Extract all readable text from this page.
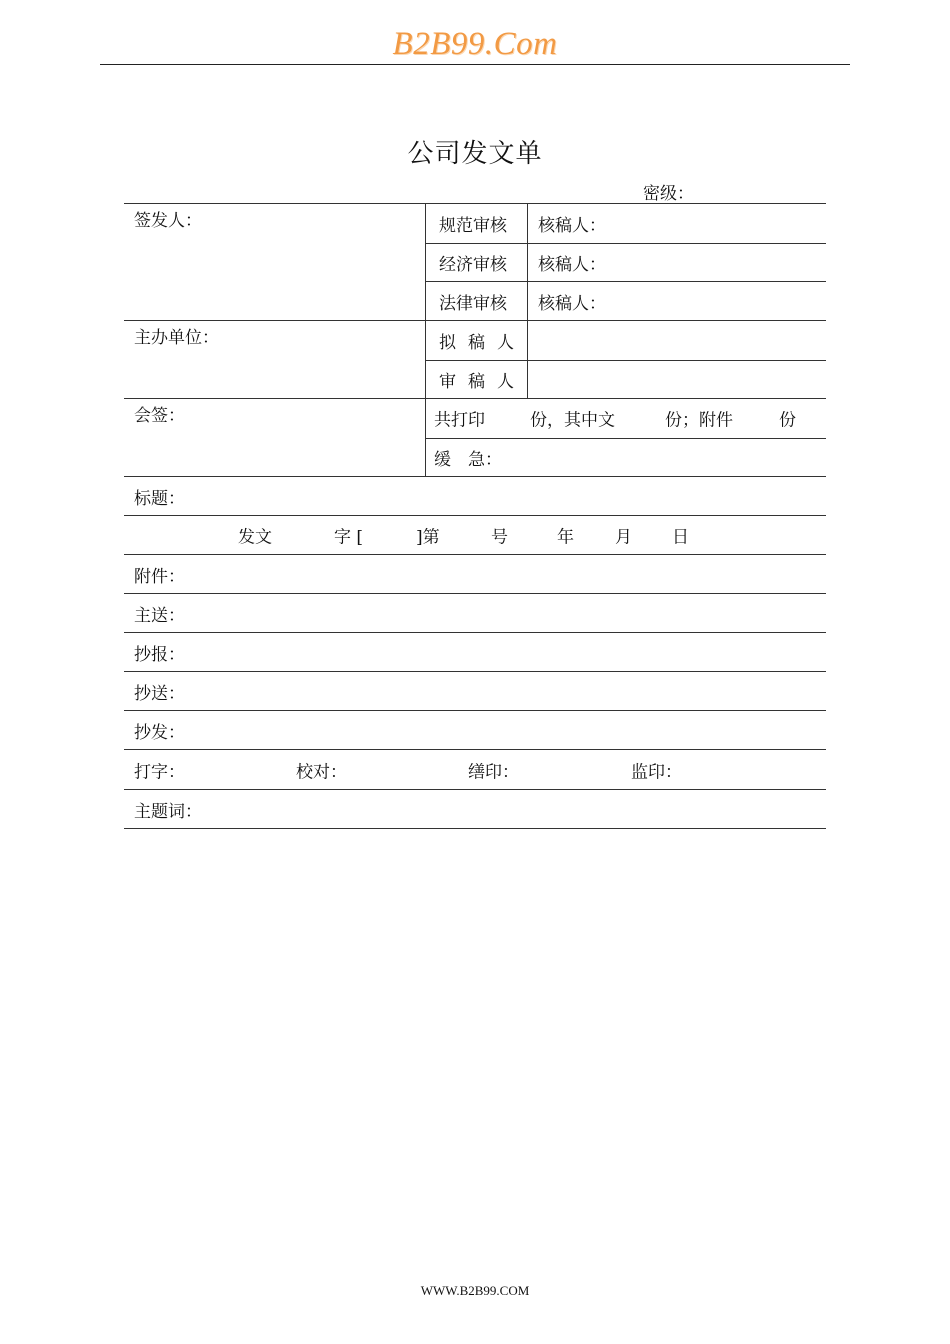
B2B99.Com
公司发文单
密级：
签发人：	规范审核	核稿人：
经济审核	核稿人：
法律审核	核稿人：
主办单位：	拟稿人
审稿人
会签：	共打印	份，其中文	份；附件	份
缓　急：
标题：
发文	字 [	]第	号	年 月 日
附件：
主送：
抄报：
抄送：
抄发：
打字：	校对：	缮印：	监印：
主题词：
WWW.B2B99.COM
